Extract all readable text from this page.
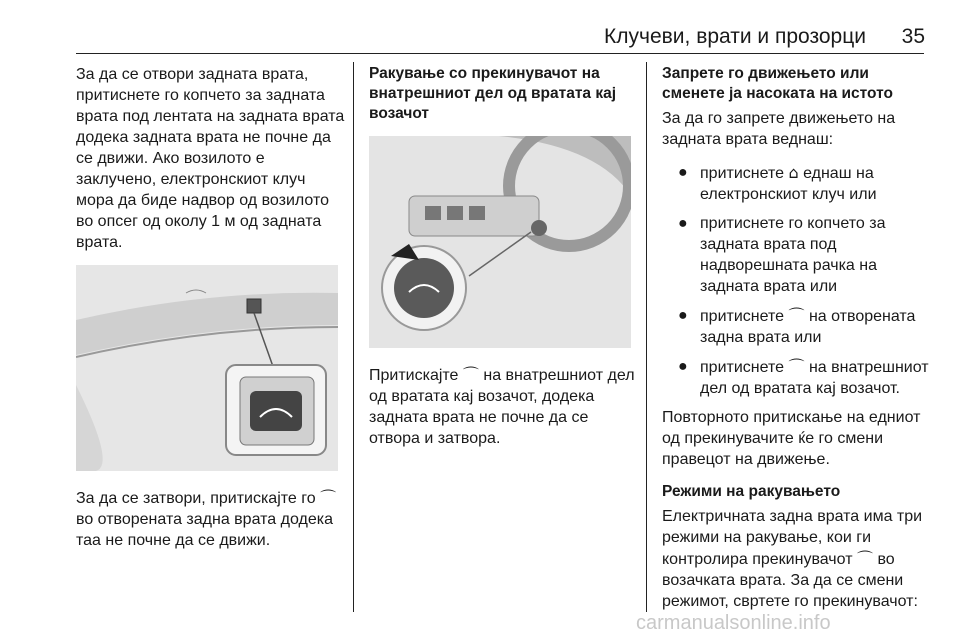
Клучеви, врати и прозорци 35

За да се отвори задната врата, притиснете го копчето за задната врата под лентата на задната врата додека задната врата не почне да се движи. Ако возилото е заклучено, електронскиот клуч мора да биде надвор од возилото во опсег од околу 1 м од задната врата.

За да се затвори, притискајте го ⌒ во отворената задна врата додека таа не почне да се движи.

Ракување со прекинувачот на внатрешниот дел од вратата кај возачот

Притискајте ⌒ на внатрешниот дел од вратата кај возачот, додека задната врата не почне да се отвора и затвора.

Запрете го движењето или сменете ја насоката на истото

За да го запрете движењето на задната врата веднаш:

● притиснете ⌂ еднаш на електронскиот клуч или
● притиснете го копчето за задната врата под надворешната рачка на задната врата или
● притиснете ⌒ на отворената задна врата или
● притиснете ⌒ на внатрешниот дел од вратата кај возачот.

Повторното притискање на едниот од прекинувачите ќе го смени правецот на движење.

Режими на ракувањето

Електричната задна врата има три режими на ракување, кои ги контролира прекинувачот ⌒ во возачката врата. За да се смени режимот, свртете го прекинувачот:

carmanualsonline.info
